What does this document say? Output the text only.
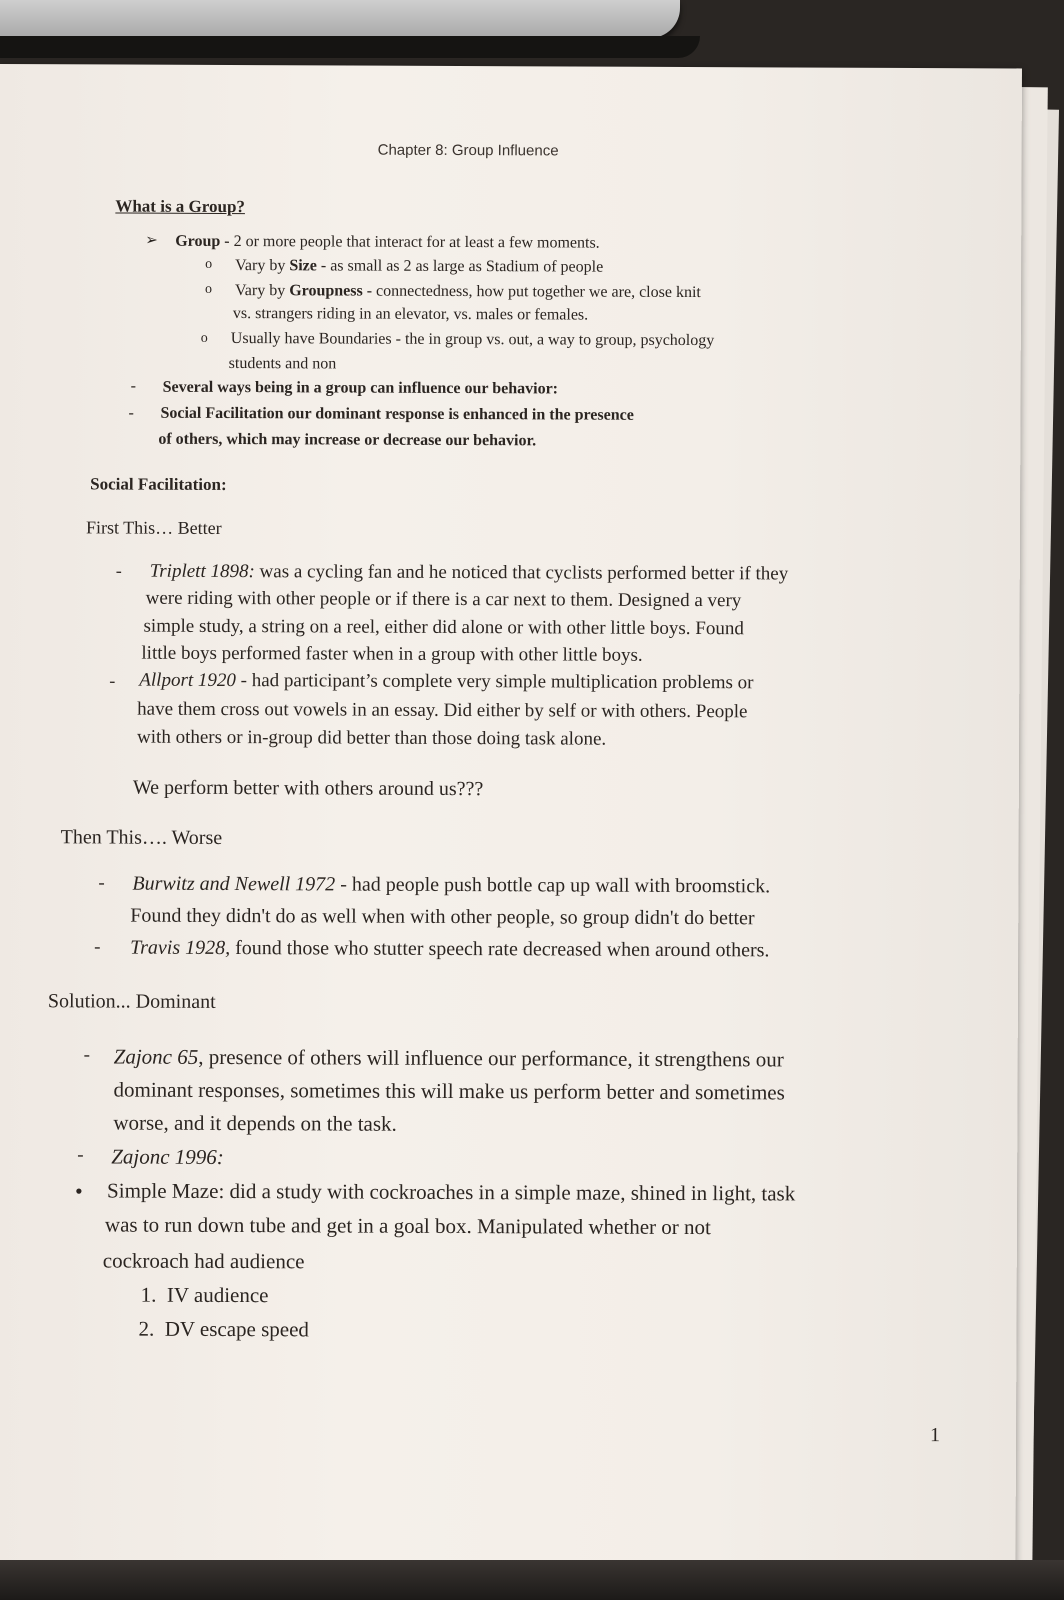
Chapter 8: Group Influence
What is a Group?
➢ Group - 2 or more people that interact for at least a few moments.
o Vary by Size - as small as 2 as large as Stadium of people
o Vary by Groupness - connectedness, how put together we are, close knit
vs. strangers riding in an elevator, vs. males or females.
o Usually have Boundaries - the in group vs. out, a way to group, psychology
students and non
- Several ways being in a group can influence our behavior:
- Social Facilitation our dominant response is enhanced in the presence
of others, which may increase or decrease our behavior.
Social Facilitation:
First This… Better
- Triplett 1898: was a cycling fan and he noticed that cyclists performed better if they
were riding with other people or if there is a car next to them. Designed a very
simple study, a string on a reel, either did alone or with other little boys. Found
little boys performed faster when in a group with other little boys.
- Allport 1920 - had participant’s complete very simple multiplication problems or
have them cross out vowels in an essay. Did either by self or with others. People
with others or in-group did better than those doing task alone.
We perform better with others around us???
Then This…. Worse
- Burwitz and Newell 1972 - had people push bottle cap up wall with broomstick.
Found they didn't do as well when with other people, so group didn't do better
- Travis 1928, found those who stutter speech rate decreased when around others.
Solution... Dominant
- Zajonc 65, presence of others will influence our performance, it strengthens our
dominant responses, sometimes this will make us perform better and sometimes
worse, and it depends on the task.
- Zajonc 1996:
• Simple Maze: did a study with cockroaches in a simple maze, shined in light, task
was to run down tube and get in a goal box. Manipulated whether or not
cockroach had audience
1. IV audience
2. DV escape speed
1
